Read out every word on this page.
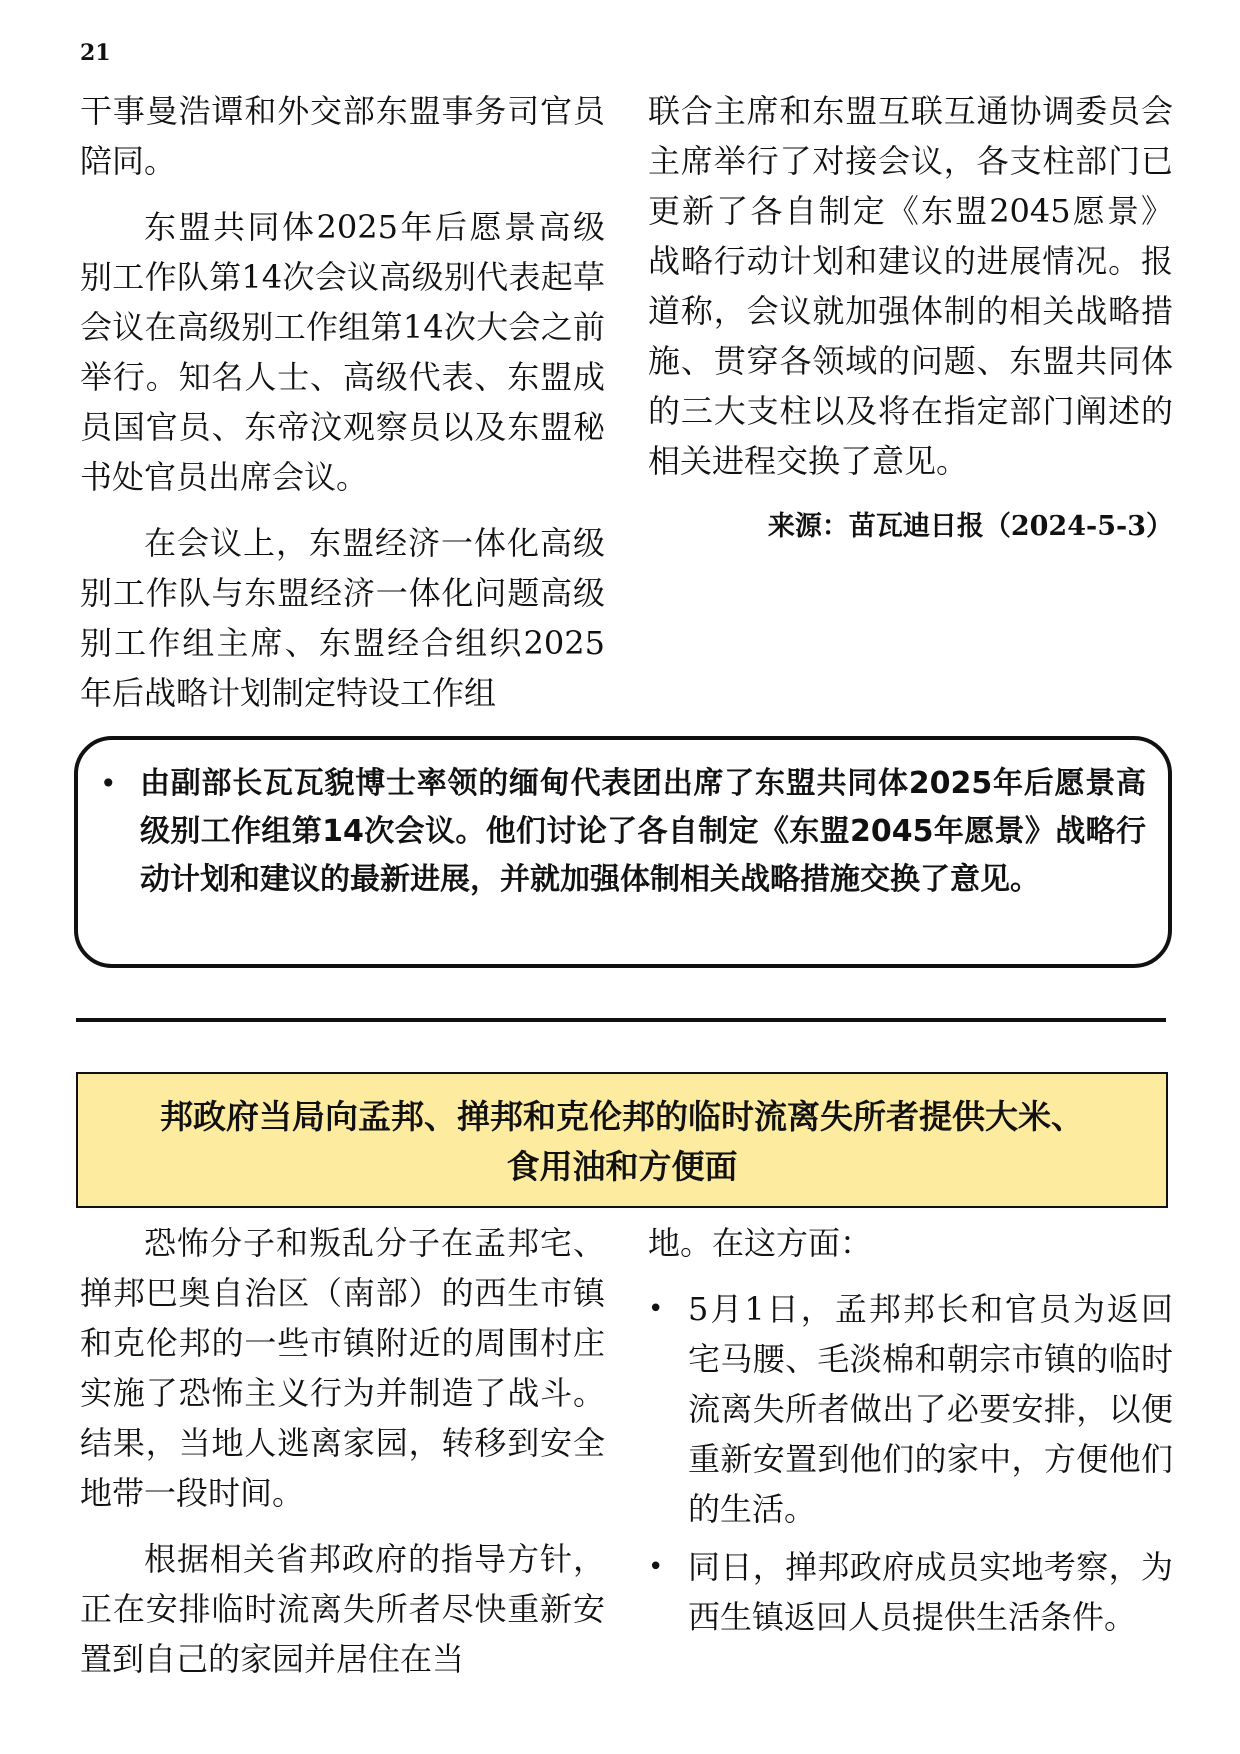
21

干事曼浩谭和外交部东盟事务司官员陪同。

东盟共同体2025年后愿景高级别工作队第14次会议高级别代表起草会议在高级别工作组第14次大会之前举行。知名人士、高级代表、东盟成员国官员、东帝汶观察员以及东盟秘书处官员出席会议。

在会议上，东盟经济一体化高级别工作队与东盟经济一体化问题高级别工作组主席、东盟经合组织2025年后战略计划制定特设工作组

联合主席和东盟互联互通协调委员会主席举行了对接会议，各支柱部门已更新了各自制定《东盟2045愿景》战略行动计划和建议的进展情况。报道称，会议就加强体制的相关战略措施、贯穿各领域的问题、东盟共同体的三大支柱以及将在指定部门阐述的相关进程交换了意见。

来源：苗瓦迪日报（2024-5-3）
• 由副部长瓦瓦貌博士率领的缅甸代表团出席了东盟共同体2025年后愿景高级别工作组第14次会议。他们讨论了各自制定《东盟2045年愿景》战略行动计划和建议的最新进展，并就加强体制相关战略措施交换了意见。
邦政府当局向孟邦、掸邦和克伦邦的临时流离失所者提供大米、
食用油和方便面

恐怖分子和叛乱分子在孟邦宅、掸邦巴奥自治区（南部）的西生市镇和克伦邦的一些市镇附近的周围村庄实施了恐怖主义行为并制造了战斗。结果，当地人逃离家园，转移到安全地带一段时间。

根据相关省邦政府的指导方针，正在安排临时流离失所者尽快重新安置到自己的家园并居住在当

地。在这方面：

• 5月1日，孟邦邦长和官员为返回宅马腰、毛淡棉和朝宗市镇的临时流离失所者做出了必要安排，以便重新安置到他们的家中，方便他们的生活。
• 同日，掸邦政府成员实地考察，为西生镇返回人员提供生活条件。
